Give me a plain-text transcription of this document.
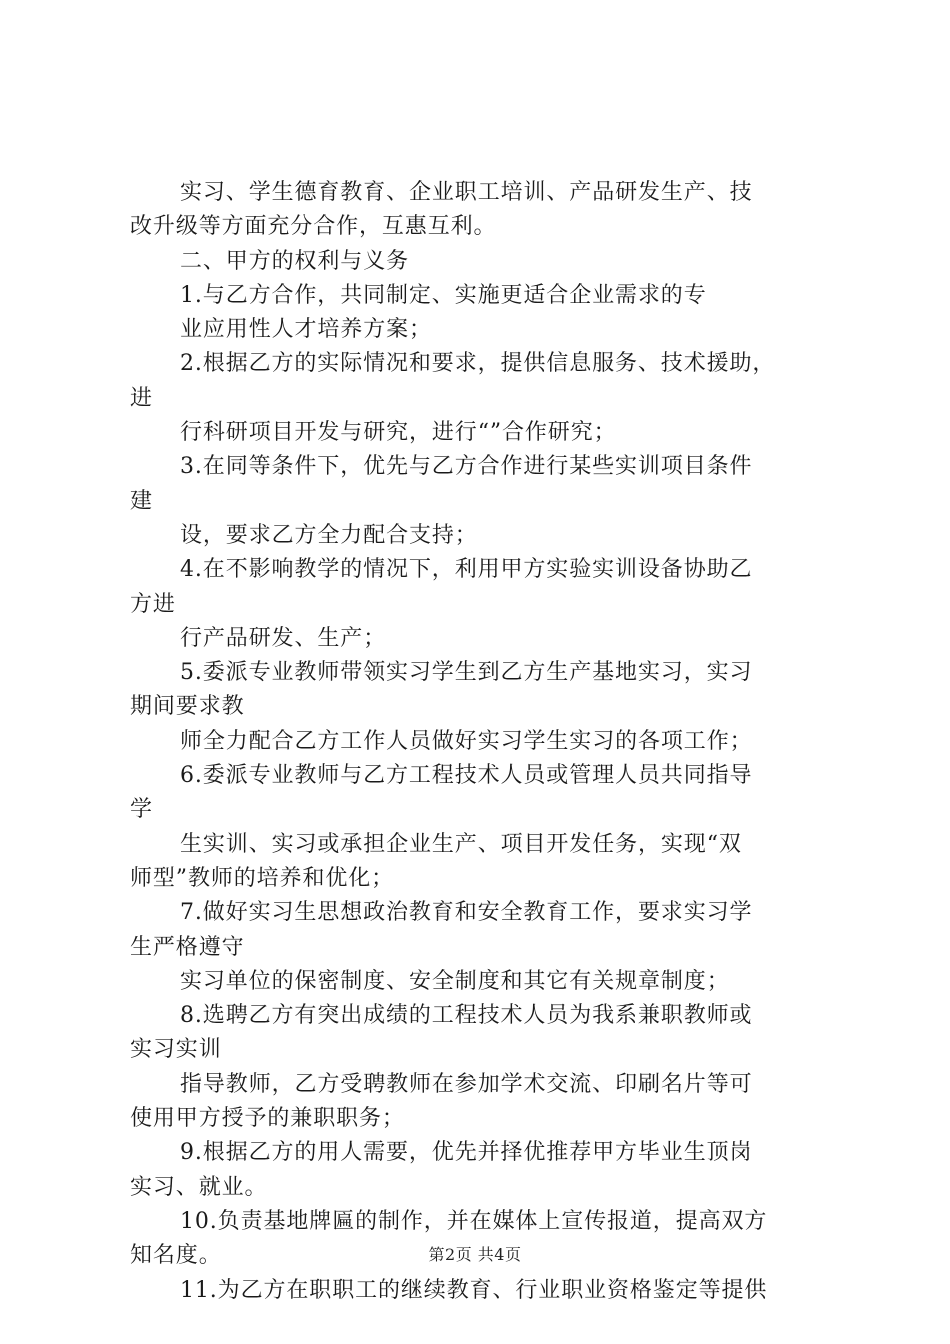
实习、学生德育教育、企业职工培训、产品研发生产、技
改升级等方面充分合作，互惠互利。
二、甲方的权利与义务
1.与乙方合作，共同制定、实施更适合企业需求的专
业应用性人才培养方案；
2.根据乙方的实际情况和要求，提供信息服务、技术援助，
进
行科研项目开发与研究，进行“”合作研究；
3.在同等条件下，优先与乙方合作进行某些实训项目条件
建
设，要求乙方全力配合支持；
4.在不影响教学的情况下，利用甲方实验实训设备协助乙
方进
行产品研发、生产；
5.委派专业教师带领实习学生到乙方生产基地实习，实习
期间要求教
师全力配合乙方工作人员做好实习学生实习的各项工作；
6.委派专业教师与乙方工程技术人员或管理人员共同指导
学
生实训、实习或承担企业生产、项目开发任务，实现“双
师型”教师的培养和优化；
7.做好实习生思想政治教育和安全教育工作，要求实习学
生严格遵守
实习单位的保密制度、安全制度和其它有关规章制度；
8.选聘乙方有突出成绩的工程技术人员为我系兼职教师或
实习实训
指导教师，乙方受聘教师在参加学术交流、印刷名片等可
使用甲方授予的兼职职务；
9.根据乙方的用人需要，优先并择优推荐甲方毕业生顶岗
实习、就业。
10.负责基地牌匾的制作，并在媒体上宣传报道，提高双方
知名度。
11.为乙方在职职工的继续教育、行业职业资格鉴定等提供
第2页 共4页
